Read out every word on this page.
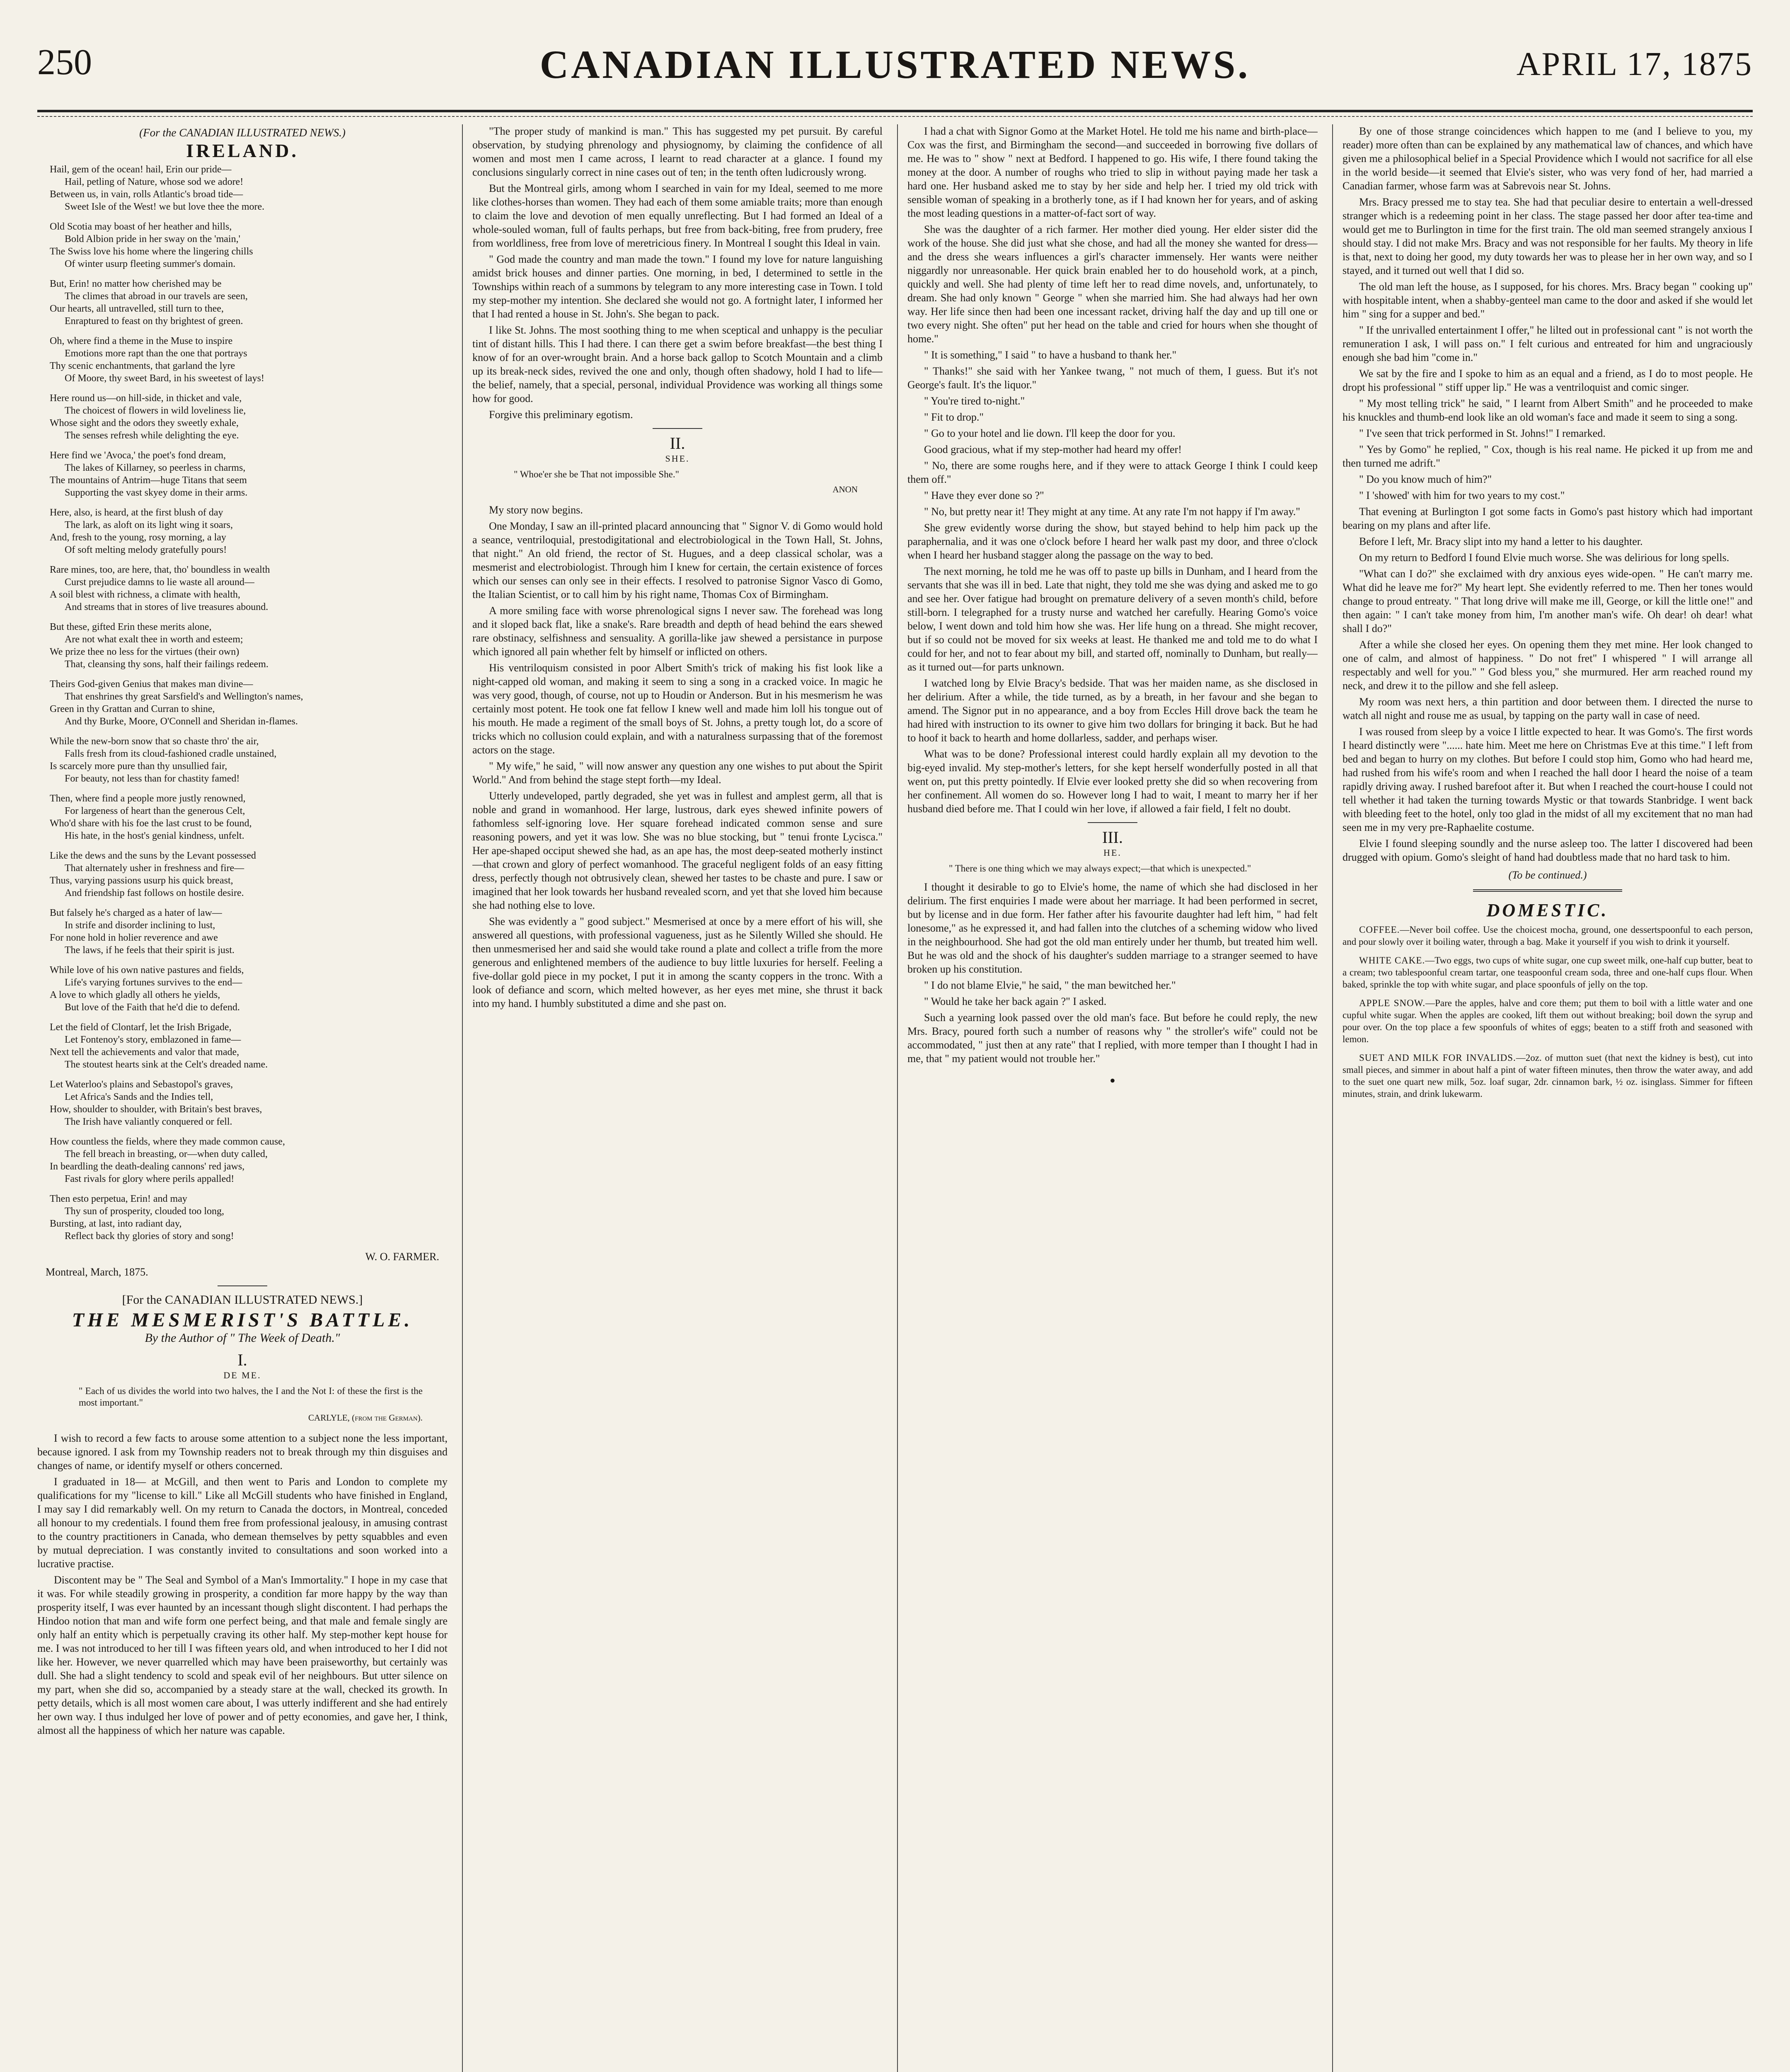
250	CANADIAN ILLUSTRATED NEWS.	APRIL 17, 1875
(For the CANADIAN ILLUSTRATED NEWS.)
IRELAND.
Hail, gem of the ocean! hail, Erin our pride—
Hail, petling of Nature, whose sod we adore!
Between us, in vain, rolls Atlantic's broad tide—
Sweet Isle of the West! we but love thee the more.
Old Scotia may boast of her heather and hills,
Bold Albion pride in her sway on the 'main,'
The Swiss love his home where the lingering chills
Of winter usurp fleeting summer's domain.
But, Erin! no matter how cherished may be
The climes that abroad in our travels are seen,
Our hearts, all untravelled, still turn to thee,
Enraptured to feast on thy brightest of green.
Oh, where find a theme in the Muse to inspire
Emotions more rapt than the one that portrays
Thy scenic enchantments, that garland the lyre
Of Moore, thy sweet Bard, in his sweetest of lays!
Here round us—on hill-side, in thicket and vale,
The choicest of flowers in wild loveliness lie,
Whose sight and the odors they sweetly exhale,
The senses refresh while delighting the eye.
Here find we 'Avoca,' the poet's fond dream,
The lakes of Killarney, so peerless in charms,
The mountains of Antrim—huge Titans that seem
Supporting the vast skyey dome in their arms.
Here, also, is heard, at the first blush of day
The lark, as aloft on its light wing it soars,
And, fresh to the young, rosy morning, a lay
Of soft melting melody gratefully pours!
Rare mines, too, are here, that, tho' boundless in wealth
Curst prejudice damns to lie waste all around—
A soil blest with richness, a climate with health,
And streams that in stores of live treasures abound.
But these, gifted Erin these merits alone,
Are not what exalt thee in worth and esteem;
We prize thee no less for the virtues (their own)
That, cleansing thy sons, half their failings redeem.
Theirs God-given Genius that makes man divine—
That enshrines thy great Sarsfield's and Wellington's names,
Green in thy Grattan and Curran to shine,
And thy Burke, Moore, O'Connell and Sheridan in-flames.
While the new-born snow that so chaste thro' the air,
Falls fresh from its cloud-fashioned cradle unstained,
Is scarcely more pure than thy unsullied fair,
For beauty, not less than for chastity famed!
Then, where find a people more justly renowned,
For largeness of heart than the generous Celt,
Who'd share with his foe the last crust to be found,
His hate, in the host's genial kindness, unfelt.
Like the dews and the suns by the Levant possessed
That alternately usher in freshness and fire—
Thus, varying passions usurp his quick breast,
And friendship fast follows on hostile desire.
But falsely he's charged as a hater of law—
In strife and disorder inclining to lust,
For none hold in holier reverence and awe
The laws, if he feels that their spirit is just.
While love of his own native pastures and fields,
Life's varying fortunes survives to the end—
A love to which gladly all others he yields,
But love of the Faith that he'd die to defend.
Let the field of Clontarf, let the Irish Brigade,
Let Fontenoy's story, emblazoned in fame—
Next tell the achievements and valor that made,
The stoutest hearts sink at the Celt's dreaded name.
Let Waterloo's plains and Sebastopol's graves,
Let Africa's Sands and the Indies tell,
How, shoulder to shoulder, with Britain's best braves,
The Irish have valiantly conquered or fell.
How countless the fields, where they made common cause,
The fell breach in breasting, or—when duty called,
In beardling the death-dealing cannons' red jaws,
Fast rivals for glory where perils appalled!
Then esto perpetua, Erin! and may
Thy sun of prosperity, clouded too long,
Bursting, at last, into radiant day,
Reflect back thy glories of story and song!
W. O. FARMER.
Montreal, March, 1875.
[For the CANADIAN ILLUSTRATED NEWS.]
THE MESMERIST'S BATTLE.
By the Author of " The Week of Death."
I.
DE ME.
" Each of us divides the world into two halves, the I and the Not I: of these the first is the most important."
CARLYLE, (from the German).

I wish to record a few facts to arouse some attention to a subject none the less important, because ignored. I ask from my Township readers not to break through my thin disguises and changes of name, or identify myself or others concerned.

I graduated in 18— at McGill, and then went to Paris and London to complete my qualifications for my "license to kill." Like all McGill students who have finished in England, I may say I did remarkably well. On my return to Canada the doctors, in Montreal, conceded all honour to my credentials. I found them free from professional jealousy, in amusing contrast to the country practitioners in Canada, who demean themselves by petty squabbles and even by mutual depreciation. I was constantly invited to consultations and soon worked into a lucrative practise.

Discontent may be " The Seal and Symbol of a Man's Immortality." I hope in my case that it was. For while steadily growing in prosperity, a condition far more happy by the way than prosperity itself, I was ever haunted by an incessant though slight discontent. I had perhaps the Hindoo notion that man and wife form one perfect being, and that male and female singly are only half an entity which is perpetually craving its other half. My step-mother kept house for me. I was not introduced to her till I was fifteen years old, and when introduced to her I did not like her. However, we never quarrelled which may have been praiseworthy, but certainly was dull. She had a slight tendency to scold and speak evil of her neighbours. But utter silence on my part, when she did so, accompanied by a steady stare at the wall, checked its growth. In petty details, which is all most women care about, I was utterly indifferent and she had entirely her own way. I thus indulged her love of power and of petty economies, and gave her, I think, almost all the happiness of which her nature was capable.

"The proper study of mankind is man." This has suggested my pet pursuit. By careful observation, by studying phrenology and physiognomy, by claiming the confidence of all women and most men I came across, I learnt to read character at a glance. I found my conclusions singularly correct in nine cases out of ten; in the tenth often ludicrously wrong.

But the Montreal girls, among whom I searched in vain for my Ideal, seemed to me more like clothes-horses than women. They had each of them some amiable traits; more than enough to claim the love and devotion of men equally unreflecting. But I had formed an Ideal of a whole-souled woman, full of faults perhaps, but free from back-biting, free from prudery, free from worldliness, free from love of meretricious finery. In Montreal I sought this Ideal in vain.

" God made the country and man made the town." I found my love for nature languishing amidst brick houses and dinner parties. One morning, in bed, I determined to settle in the Townships within reach of a summons by telegram to any more interesting case in Town. I told my step-mother my intention. She declared she would not go. A fortnight later, I informed her that I had rented a house in St. John's. She began to pack.

I like St. Johns. The most soothing thing to me when sceptical and unhappy is the peculiar tint of distant hills. This I had there. I can there get a swim before breakfast—the best thing I know of for an over-wrought brain. And a horse back gallop to Scotch Mountain and a climb up its break-neck sides, revived the one and only, though often shadowy, hold I had to life—the belief, namely, that a special, personal, individual Providence was working all things some how for good.

Forgive this preliminary egotism.

II.
SHE.
" Whoe'er she be That not impossible She."
ANON

My story now begins.

One Monday, I saw an ill-printed placard announcing that " Signor V. di Gomo would hold a seance, ventriloquial, prestodigitational and electrobiological in the Town Hall, St. Johns, that night." An old friend, the rector of St. Hugues, and a deep classical scholar, was a mesmerist and electrobiologist. Through him I knew for certain, the certain existence of forces which our senses can only see in their effects. I resolved to patronise Signor Vasco di Gomo, the Italian Scientist, or to call him by his right name, Thomas Cox of Birmingham.

A more smiling face with worse phrenological signs I never saw. The forehead was long and it sloped back flat, like a snake's. Rare breadth and depth of head behind the ears shewed rare obstinacy, selfishness and sensuality. A gorilla-like jaw shewed a persistance in purpose which ignored all pain whether felt by himself or inflicted on others.

His ventriloquism consisted in poor Albert Smith's trick of making his fist look like a night-capped old woman, and making it seem to sing a song in a cracked voice. In magic he was very good, though, of course, not up to Houdin or Anderson. But in his mesmerism he was certainly most potent. He took one fat fellow I knew well and made him loll his tongue out of his mouth. He made a regiment of the small boys of St. Johns, a pretty tough lot, do a score of tricks which no collusion could explain, and with a naturalness surpassing that of the foremost actors on the stage.

" My wife," he said, " will now answer any question any one wishes to put about the Spirit World." And from behind the stage stept forth—my Ideal.

Utterly undeveloped, partly degraded, she yet was in fullest and amplest germ, all that is noble and grand in womanhood. Her large, lustrous, dark eyes shewed infinite powers of fathomless self-ignoring love. Her square forehead indicated common sense and sure reasoning powers, and yet it was low. She was no blue stocking, but " tenui fronte Lycisca." Her ape-shaped occiput shewed she had, as an ape has, the most deep-seated motherly instinct—that crown and glory of perfect womanhood. The graceful negligent folds of an easy fitting dress, perfectly though not obtrusively clean, shewed her tastes to be chaste and pure. I saw or imagined that her look towards her husband revealed scorn, and yet that she loved him because she had nothing else to love.

She was evidently a " good subject." Mesmerised at once by a mere effort of his will, she answered all questions, with professional vagueness, just as he Silently Willed she should. He then unmesmerised her and said she would take round a plate and collect a trifle from the more generous and enlightened members of the audience to buy little luxuries for herself. Feeling a five-dollar gold piece in my pocket, I put it in among the scanty coppers in the tronc. With a look of defiance and scorn, which melted however, as her eyes met mine, she thrust it back into my hand. I humbly substituted a dime and she past on.

I had a chat with Signor Gomo at the Market Hotel. He told me his name and birth-place—Cox was the first, and Birmingham the second—and succeeded in borrowing five dollars of me. He was to " show " next at Bedford. I happened to go. His wife, I there found taking the money at the door. A number of roughs who tried to slip in without paying made her task a hard one. Her husband asked me to stay by her side and help her. I tried my old trick with sensible woman of speaking in a brotherly tone, as if I had known her for years, and of asking the most leading questions in a matter-of-fact sort of way.

She was the daughter of a rich farmer. Her mother died young. Her elder sister did the work of the house. She did just what she chose, and had all the money she wanted for dress—and the dress she wears influences a girl's character immensely. Her wants were neither niggardly nor unreasonable. Her quick brain enabled her to do household work, at a pinch, quickly and well. She had plenty of time left her to read dime novels, and, unfortunately, to dream. She had only known " George " when she married him. She had always had her own way. Her life since then had been one incessant racket, driving half the day and up till one or two every night. She often" put her head on the table and cried for hours when she thought of home."

" It is something," I said " to have a husband to thank her."

" Thanks!" she said with her Yankee twang, " not much of them, I guess. But it's not George's fault. It's the liquor."

" You're tired to-night."

" Fit to drop."

" Go to your hotel and lie down. I'll keep the door for you.

Good gracious, what if my step-mother had heard my offer!

" No, there are some roughs here, and if they were to attack George I think I could keep them off."

" Have they ever done so ?"

" No, but pretty near it! They might at any time. At any rate I'm not happy if I'm away."

She grew evidently worse during the show, but stayed behind to help him pack up the paraphernalia, and it was one o'clock before I heard her walk past my door, and three o'clock when I heard her husband stagger along the passage on the way to bed.

The next morning, he told me he was off to paste up bills in Dunham, and I heard from the servants that she was ill in bed. Late that night, they told me she was dying and asked me to go and see her. Over fatigue had brought on premature delivery of a seven month's child, before still-born. I telegraphed for a trusty nurse and watched her carefully. Hearing Gomo's voice below, I went down and told him how she was. Her life hung on a thread. She might recover, but if so could not be moved for six weeks at least. He thanked me and told me to do what I could for her, and not to fear about my bill, and started off, nominally to Dunham, but really—as it turned out—for parts unknown.

I watched long by Elvie Bracy's bedside. That was her maiden name, as she disclosed in her delirium. After a while, the tide turned, as by a breath, in her favour and she began to amend. The Signor put in no appearance, and a boy from Eccles Hill drove back the team he had hired with instruction to its owner to give him two dollars for bringing it back. But he had to hoof it back to hearth and home dollarless, sadder, and perhaps wiser.

What was to be done? Professional interest could hardly explain all my devotion to the big-eyed invalid. My step-mother's letters, for she kept herself wonderfully posted in all that went on, put this pretty pointedly. If Elvie ever looked pretty she did so when recovering from her confinement. All women do so. However long I had to wait, I meant to marry her if her husband died before me. That I could win her love, if allowed a fair field, I felt no doubt.

III.
HE.
" There is one thing which we may always expect;—that which is unexpected."

I thought it desirable to go to Elvie's home, the name of which she had disclosed in her delirium. The first enquiries I made were about her marriage. It had been performed in secret, but by license and in due form. Her father after his favourite daughter had left him, " had felt lonesome," as he expressed it, and had fallen into the clutches of a scheming widow who lived in the neighbourhood. She had got the old man entirely under her thumb, but treated him well. But he was old and the shock of his daughter's sudden marriage to a stranger seemed to have broken up his constitution.

" I do not blame Elvie," he said, " the man bewitched her."

" Would he take her back again ?" I asked.

Such a yearning look passed over the old man's face. But before he could reply, the new Mrs. Bracy, poured forth such a number of reasons why " the stroller's wife" could not be accommodated, " just then at any rate" that I replied, with more temper than I thought I had in me, that " my patient would not trouble her."

•

By one of those strange coincidences which happen to me (and I believe to you, my reader) more often than can be explained by any mathematical law of chances, and which have given me a philosophical belief in a Special Providence which I would not sacrifice for all else in the world beside—it seemed that Elvie's sister, who was very fond of her, had married a Canadian farmer, whose farm was at Sabrevois near St. Johns.

Mrs. Bracy pressed me to stay tea. She had that peculiar desire to entertain a well-dressed stranger which is a redeeming point in her class. The stage passed her door after tea-time and would get me to Burlington in time for the first train. The old man seemed strangely anxious I should stay. I did not make Mrs. Bracy and was not responsible for her faults. My theory in life is that, next to doing her good, my duty towards her was to please her in her own way, and so I stayed, and it turned out well that I did so.

The old man left the house, as I supposed, for his chores. Mrs. Bracy began " cooking up" with hospitable intent, when a shabby-genteel man came to the door and asked if she would let him " sing for a supper and bed."

" If the unrivalled entertainment I offer," he lilted out in professional cant " is not worth the remuneration I ask, I will pass on." I felt curious and entreated for him and ungraciously enough she bad him "come in."

We sat by the fire and I spoke to him as an equal and a friend, as I do to most people. He dropt his professional " stiff upper lip." He was a ventriloquist and comic singer.

" My most telling trick" he said, " I learnt from Albert Smith" and he proceeded to make his knuckles and thumb-end look like an old woman's face and made it seem to sing a song.

" I've seen that trick performed in St. Johns!" I remarked.

" Yes by Gomo" he replied, " Cox, though is his real name. He picked it up from me and then turned me adrift."

" Do you know much of him?"

" I 'showed' with him for two years to my cost."

That evening at Burlington I got some facts in Gomo's past history which had important bearing on my plans and after life.

Before I left, Mr. Bracy slipt into my hand a letter to his daughter.

On my return to Bedford I found Elvie much worse. She was delirious for long spells.

"What can I do?" she exclaimed with dry anxious eyes wide-open. " He can't marry me. What did he leave me for?" My heart lept. She evidently referred to me. Then her tones would change to proud entreaty. " That long drive will make me ill, George, or kill the little one!" and then again: " I can't take money from him, I'm another man's wife. Oh dear! oh dear! what shall I do?"

After a while she closed her eyes. On opening them they met mine. Her look changed to one of calm, and almost of happiness. " Do not fret" I whispered " I will arrange all respectably and well for you." " God bless you," she murmured. Her arm reached round my neck, and drew it to the pillow and she fell asleep.

My room was next hers, a thin partition and door between them. I directed the nurse to watch all night and rouse me as usual, by tapping on the party wall in case of need.

I was roused from sleep by a voice I little expected to hear. It was Gomo's. The first words I heard distinctly were "...... hate him. Meet me here on Christmas Eve at this time." I left from bed and began to hurry on my clothes. But before I could stop him, Gomo who had heard me, had rushed from his wife's room and when I reached the hall door I heard the noise of a team rapidly driving away. I rushed barefoot after it. But when I reached the court-house I could not tell whether it had taken the turning towards Mystic or that towards Stanbridge. I went back with bleeding feet to the hotel, only too glad in the midst of all my excitement that no man had seen me in my very pre-Raphaelite costume.

Elvie I found sleeping soundly and the nurse asleep too. The latter I discovered had been drugged with opium. Gomo's sleight of hand had doubtless made that no hard task to him.

(To be continued.)
DOMESTIC.
COFFEE.—Never boil coffee. Use the choicest mocha, ground, one dessertspoonful to each person, and pour slowly over it boiling water, through a bag. Make it yourself if you wish to drink it yourself.
WHITE CAKE.—Two eggs, two cups of white sugar, one cup sweet milk, one-half cup butter, beat to a cream; two tablespoonful cream tartar, one teaspoonful cream soda, three and one-half cups flour. When baked, sprinkle the top with white sugar, and place spoonfuls of jelly on the top.
APPLE SNOW.—Pare the apples, halve and core them; put them to boil with a little water and one cupful white sugar. When the apples are cooked, lift them out without breaking; boil down the syrup and pour over. On the top place a few spoonfuls of whites of eggs; beaten to a stiff froth and seasoned with lemon.
SUET AND MILK FOR INVALIDS.—2oz. of mutton suet (that next the kidney is best), cut into small pieces, and simmer in about half a pint of water fifteen minutes, then throw the water away, and add to the suet one quart new milk, 5oz. loaf sugar, 2dr. cinnamon bark, ½ oz. isinglass. Simmer for fifteen minutes, strain, and drink lukewarm.
